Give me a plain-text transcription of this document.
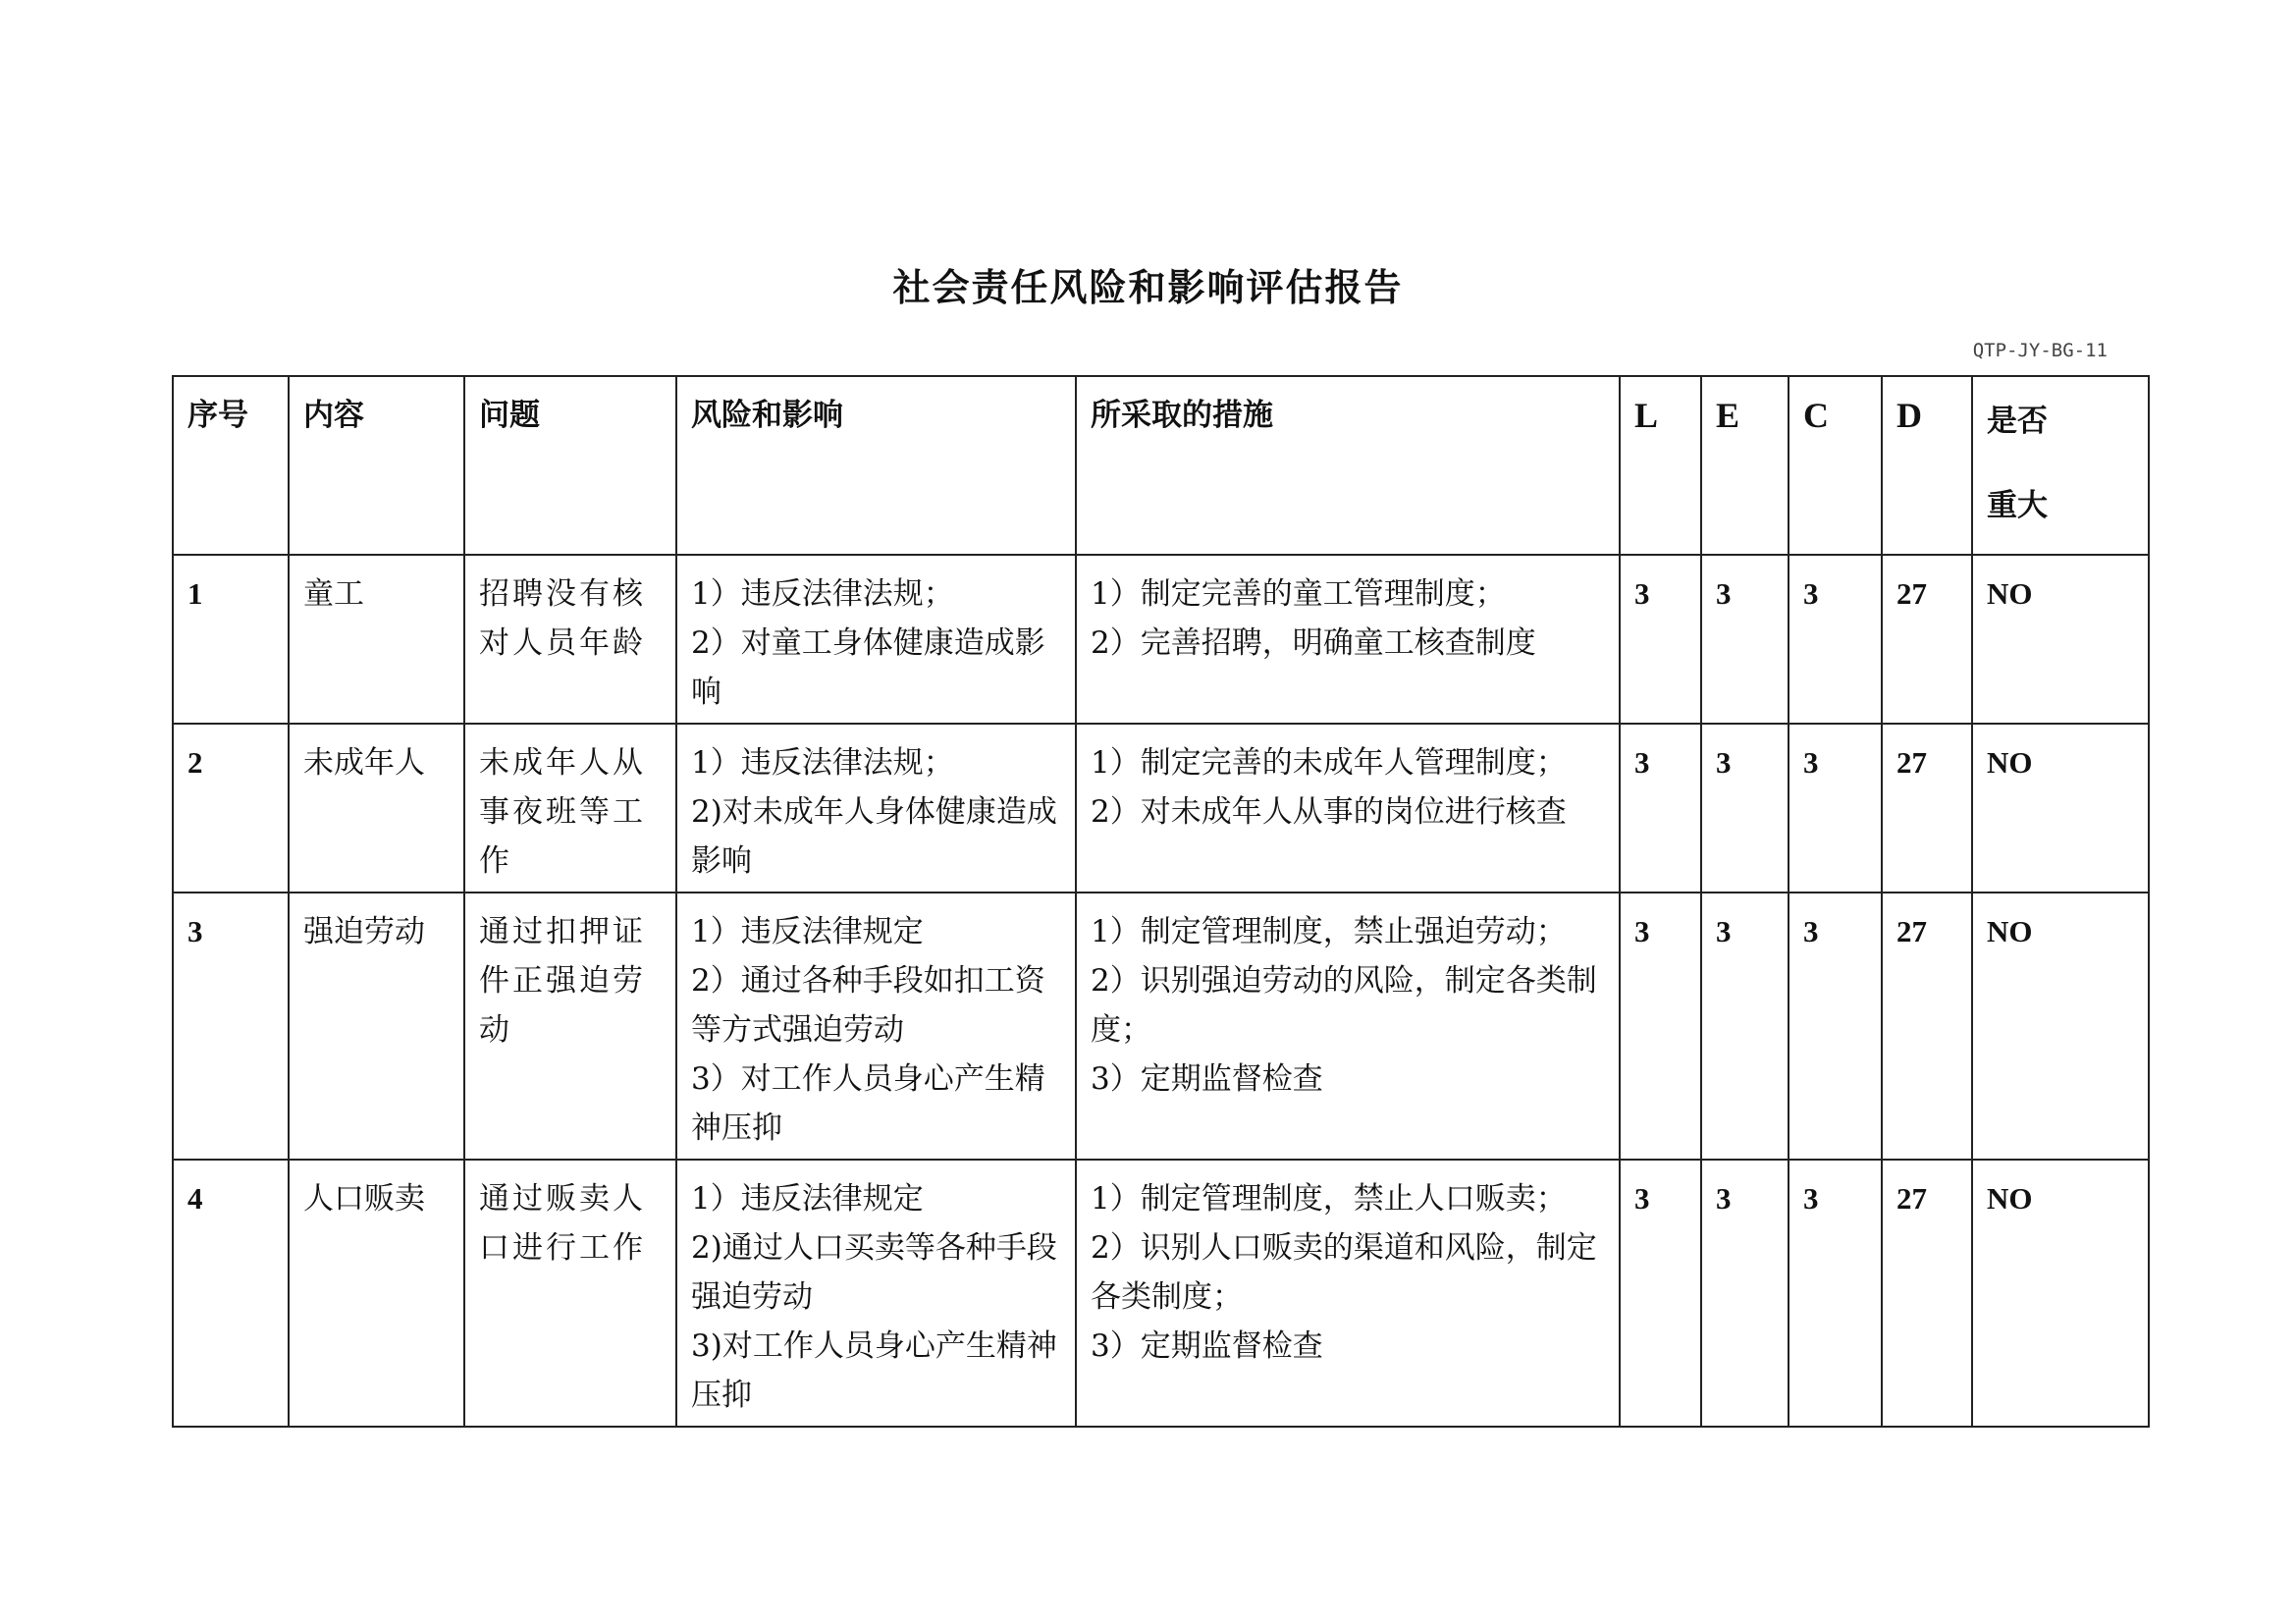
社会责任风险和影响评估报告
QTP-JY-BG-11
序号	内容	问题	风险和影响	所采取的措施	L	E	C	D	是否
重大

1	童工	招聘没有核对人员年龄	1）违反法律法规；
2）对童工身体健康造成影响	1）制定完善的童工管理制度；
2）完善招聘，明确童工核查制度	3	3	3	27	NO
2	未成年人	未成年人从事夜班等工作	1）违反法律法规；
2)对未成年人身体健康造成影响	1）制定完善的未成年人管理制度；
2）对未成年人从事的岗位进行核查	3	3	3	27	NO
3	强迫劳动	通过扣押证件正强迫劳动	1）违反法律规定
2）通过各种手段如扣工资等方式强迫劳动
3）对工作人员身心产生精神压抑	1）制定管理制度，禁止强迫劳动；
2）识别强迫劳动的风险，制定各类制度；
3）定期监督检查	3	3	3	27	NO
4	人口贩卖	通过贩卖人口进行工作	1）违反法律规定
2)通过人口买卖等各种手段强迫劳动
3)对工作人员身心产生精神压抑	1）制定管理制度，禁止人口贩卖；
2）识别人口贩卖的渠道和风险，制定各类制度；
3）定期监督检查	3	3	3	27	NO
